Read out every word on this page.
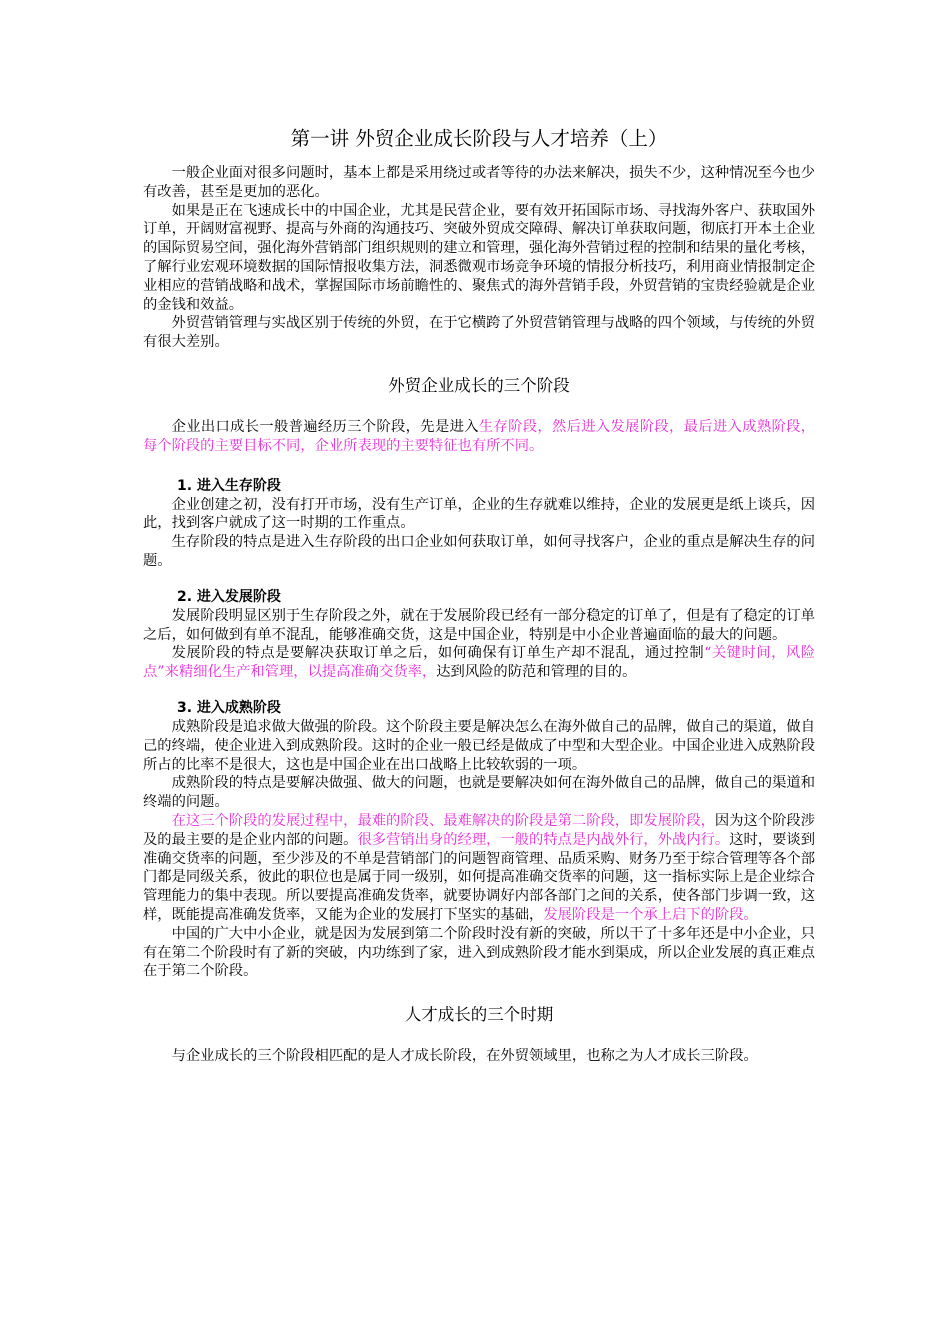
第一讲 外贸企业成长阶段与人才培养（上）

一般企业面对很多问题时，基本上都是采用绕过或者等待的办法来解决，损失不少，这种情况至今也少有改善，甚至是更加的恶化。

如果是正在飞速成长中的中国企业，尤其是民营企业，要有效开拓国际市场、寻找海外客户、获取国外订单，开阔财富视野、提高与外商的沟通技巧、突破外贸成交障碍、解决订单获取问题，彻底打开本土企业的国际贸易空间，强化海外营销部门组织规则的建立和管理，强化海外营销过程的控制和结果的量化考核，了解行业宏观环境数据的国际情报收集方法，洞悉微观市场竞争环境的情报分析技巧，利用商业情报制定企业相应的营销战略和战术，掌握国际市场前瞻性的、聚焦式的海外营销手段，外贸营销的宝贵经验就是企业的金钱和效益。

外贸营销管理与实战区别于传统的外贸，在于它横跨了外贸营销管理与战略的四个领域，与传统的外贸有很大差别。

外贸企业成长的三个阶段

企业出口成长一般普遍经历三个阶段，先是进入生存阶段，然后进入发展阶段，最后进入成熟阶段， 每个阶段的主要目标不同，企业所表现的主要特征也有所不同。

1. 进入生存阶段

企业创建之初，没有打开市场，没有生产订单，企业的生存就难以维持，企业的发展更是纸上谈兵，因此，找到客户就成了这一时期的工作重点。

生存阶段的特点是进入生存阶段的出口企业如何获取订单，如何寻找客户，企业的重点是解决生存的问题。

2. 进入发展阶段

发展阶段明显区别于生存阶段之外，就在于发展阶段已经有一部分稳定的订单了，但是有了稳定的订单之后，如何做到有单不混乱，能够准确交货，这是中国企业，特别是中小企业普遍面临的最大的问题。

发展阶段的特点是要解决获取订单之后，如何确保有订单生产却不混乱，通过控制“关键时间，风险点”来精细化生产和管理，以提高准确交货率，达到风险的防范和管理的目的。

3. 进入成熟阶段

成熟阶段是追求做大做强的阶段。这个阶段主要是解决怎么在海外做自己的品牌，做自己的渠道，做自己的终端，使企业进入到成熟阶段。这时的企业一般已经是做成了中型和大型企业。中国企业进入成熟阶段所占的比率不是很大，这也是中国企业在出口战略上比较软弱的一项。

成熟阶段的特点是要解决做强、做大的问题，也就是要解决如何在海外做自己的品牌，做自己的渠道和终端的问题。

在这三个阶段的发展过程中，最难的阶段、最难解决的阶段是第二阶段，即发展阶段，因为这个阶段涉及的最主要的是企业内部的问题。很多营销出身的经理，一般的特点是内战外行，外战内行。这时，要谈到准确交货率的问题，至少涉及的不单是营销部门的问题智商管理、品质采购、财务乃至于综合管理等各个部门都是同级关系，彼此的职位也是属于同一级别，如何提高准确交货率的问题，这一指标实际上是企业综合管理能力的集中表现。所以要提高准确发货率，就要协调好内部各部门之间的关系，使各部门步调一致，这样，既能提高准确发货率，又能为企业的发展打下坚实的基础，发展阶段是一个承上启下的阶段。

中国的广大中小企业，就是因为发展到第二个阶段时没有新的突破，所以干了十多年还是中小企业，只有在第二个阶段时有了新的突破，内功练到了家，进入到成熟阶段才能水到渠成，所以企业发展的真正难点在于第二个阶段。

人才成长的三个时期

与企业成长的三个阶段相匹配的是人才成长阶段，在外贸领域里，也称之为人才成长三阶段。
